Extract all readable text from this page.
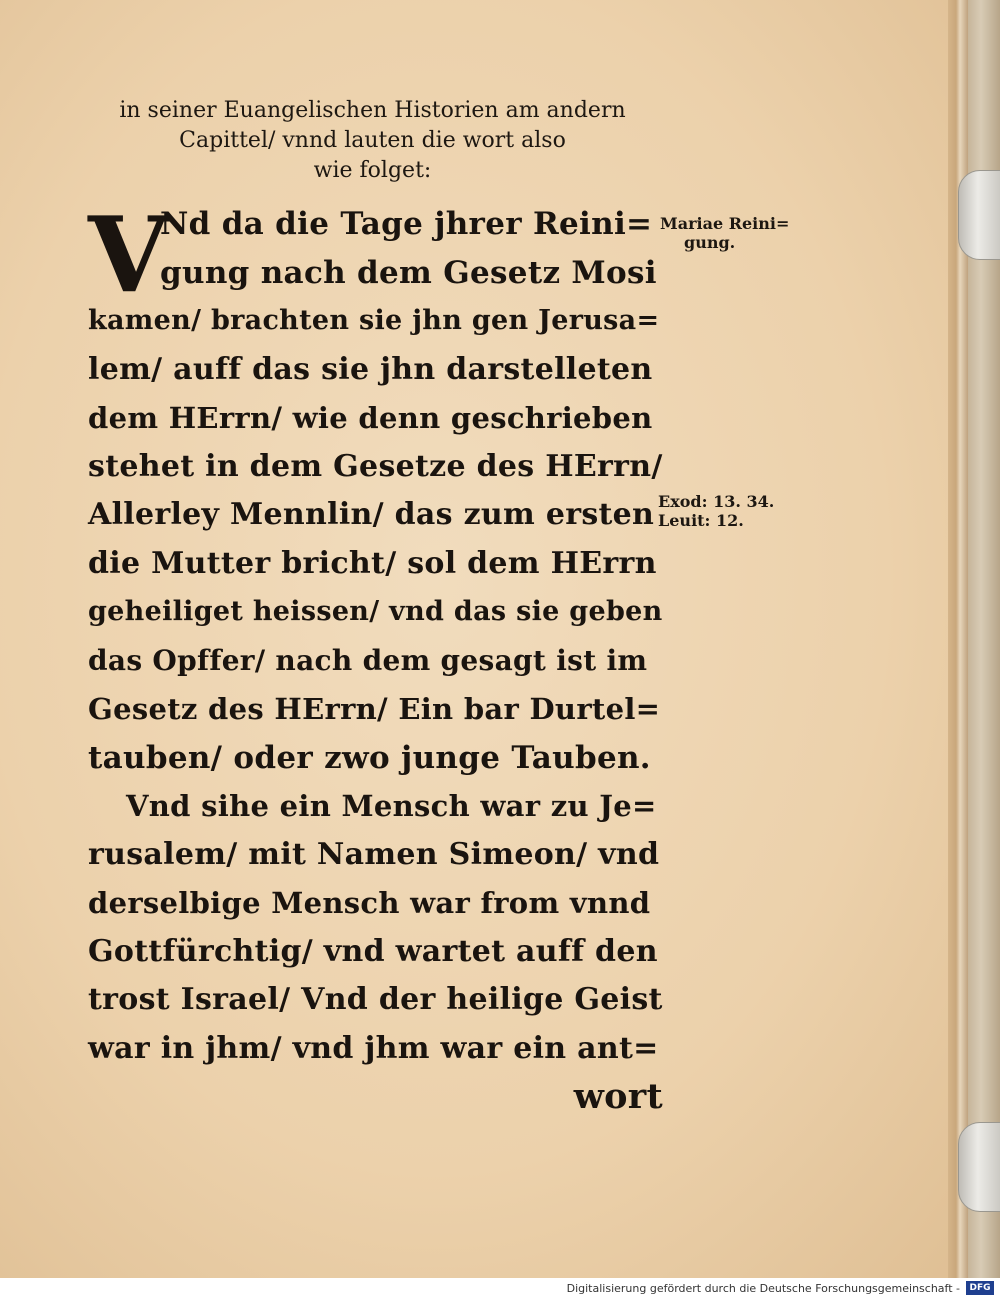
in seiner Euangelischen Historien am andern
Capittel/ vnnd lauten die wort also
wie folget:
V
Nd da die Tage jhrer Reini=
gung nach dem Gesetz Mosi
kamen/ brachten sie jhn gen Jerusa=
lem/ auff das sie jhn darstelleten
dem HErrn/ wie denn geschrieben
stehet in dem Gesetze des HErrn/
Allerley Mennlin/ das zum ersten
die Mutter bricht/ sol dem HErrn
geheiliget heissen/ vnd das sie geben
das Opffer/ nach dem gesagt ist im
Gesetz des HErrn/ Ein bar Durtel=
tauben/ oder zwo junge Tauben.
Vnd sihe ein Mensch war zu Je=
rusalem/ mit Namen Simeon/ vnd
derselbige Mensch war from vnnd
Gottfürchtig/ vnd wartet auff den
trost Israel/ Vnd der heilige Geist
war in jhm/ vnd jhm war ein ant=
wort
Mariae Reini=
gung.
Exod: 13. 34.
Leuit: 12.
Digitalisierung gefördert durch die Deutsche Forschungsgemeinschaft -	DFG
